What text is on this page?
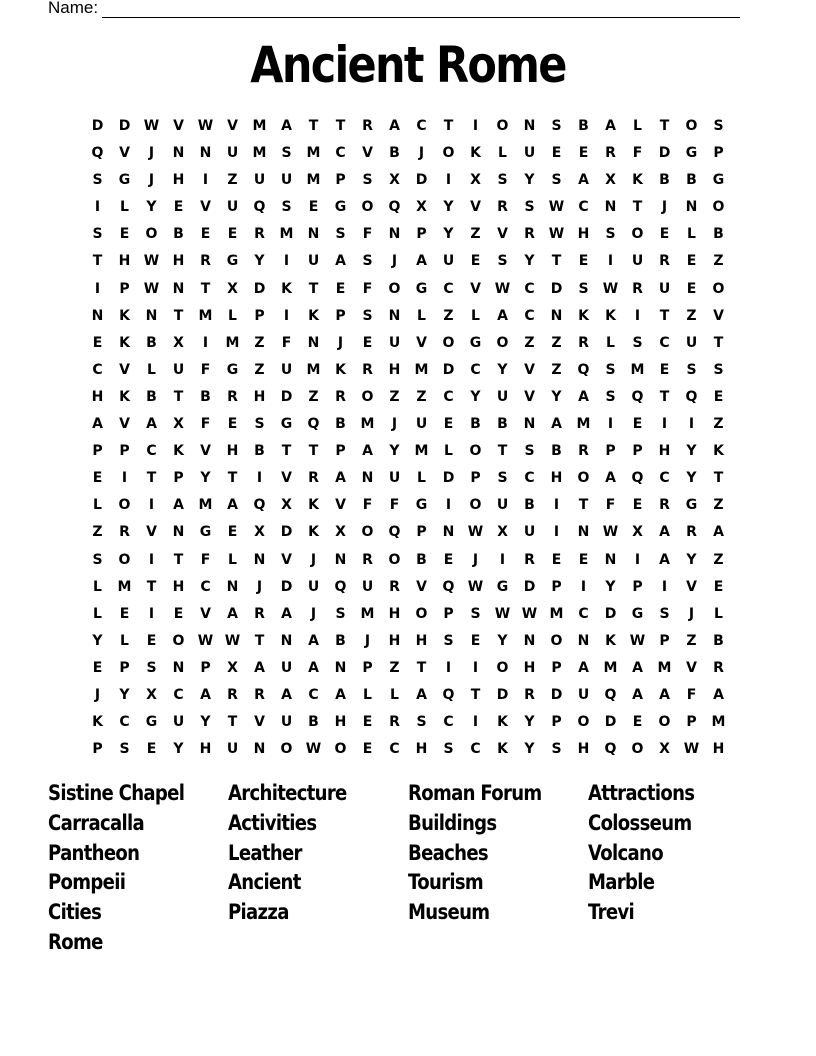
Name:
Ancient Rome
D	D W V W V	M	A	T	T	R	A	C	T	I	O	N	S	B	A	L	T	O	S
Q	V	J	N	N	U	M	S	M	C	V	B	J	O	K	L	U	E	E	R	F	D	G	P
S	G	J	H	I	Z	U	U	M	P	S	X	D	I	X	S	Y	S	A	X	K	B	B	G
I	L	Y	E	V	U	Q	S	E	G	O	Q	X	Y	V	R	S	W	C	N	T	J	N	O
S	E	O	B	E	E	R	M	N	S	F	N	P	Y	Z	V	R W H	S	O	E	L	B
T	H W H	R	G	Y	I	U	A	S	J	A	U	E	S	Y	T	E	I	U	R	E	Z
I	P	W N	T	X	D	K	T	E	F	O	G	C	V W	C	D	S	W R	U	E	O
N	K	N	T	M	L	P	I	K	P	S	N	L	Z	L	A	C	N	K	K	I	T	Z	V
E	K	B	X	I	M	Z	F	N	J	E	U	V	O	G	O	Z	Z	R	L	S	C	U	T
C	V	L	U	F	G	Z	U	M	K	R	H	M	D	C	Y	V	Z	Q	S	M	E	S	S
H	K	B	T	B	R	H	D	Z	R	O	Z	Z	C	Y	U	V	Y	A	S	Q	T	Q	E
A	V	A	X	F	E	S	G	Q	B	M	J	U	E	B	B	N	A	M	I	E	I	I	Z
P	P	C	K	V	H	B	T	T	P	A	Y	M	L	O	T	S	B	R	P	P	H	Y	K
E	I	T	P	Y	T	I	V	R	A	N	U	L	D	P	S	C	H	O	A	Q	C	Y	T
L	O	I	A	M	A	Q	X	K	V	F	F	G	I	O	U	B	I	T	F	E	R	G	Z
Z	R	V	N	G	E	X	D	K	X	O	Q	P	N W X	U	I	N W X	A	R	A
S	O	I	T	F	L	N	V	J	N	R	O	B	E	J	I	R	E	E	N	I	A	Y	Z
L	M	T	H	C	N	J	D	U	Q	U	R	V	Q W G	D	P	I	Y	P	I	V	E
L	E	I	E	V	A	R	A	J	S	M	H	O	P	S	W W M	C	D	G	S	J	L
Y	L	E	O W W	T	N	A	B	J	H	H	S	E	Y	N	O	N	K W	P	Z	B
E	P	S	N	P	X	A	U	A	N	P	Z	T	I	I	O	H	P	A	M	A	M	V	R
J	Y	X	C	A	R	R	A	C	A	L	L	A	Q	T	D	R	D	U	Q	A	A	F	A
K	C	G	U	Y	T	V	U	B	H	E	R	S	C	I	K	Y	P	O	D	E	O	P	M
P	S	E	Y	H	U	N	O W O	E	C	H	S	C	K	Y	S	H	Q	O	X W H
Sistine Chapel
Carracalla
Pantheon
Pompeii
Cities
Rome
Architecture
Activities
Leather
Ancient
Piazza
Roman Forum
Buildings
Beaches
Tourism
Museum
Attractions
Colosseum
Volcano
Marble
Trevi
